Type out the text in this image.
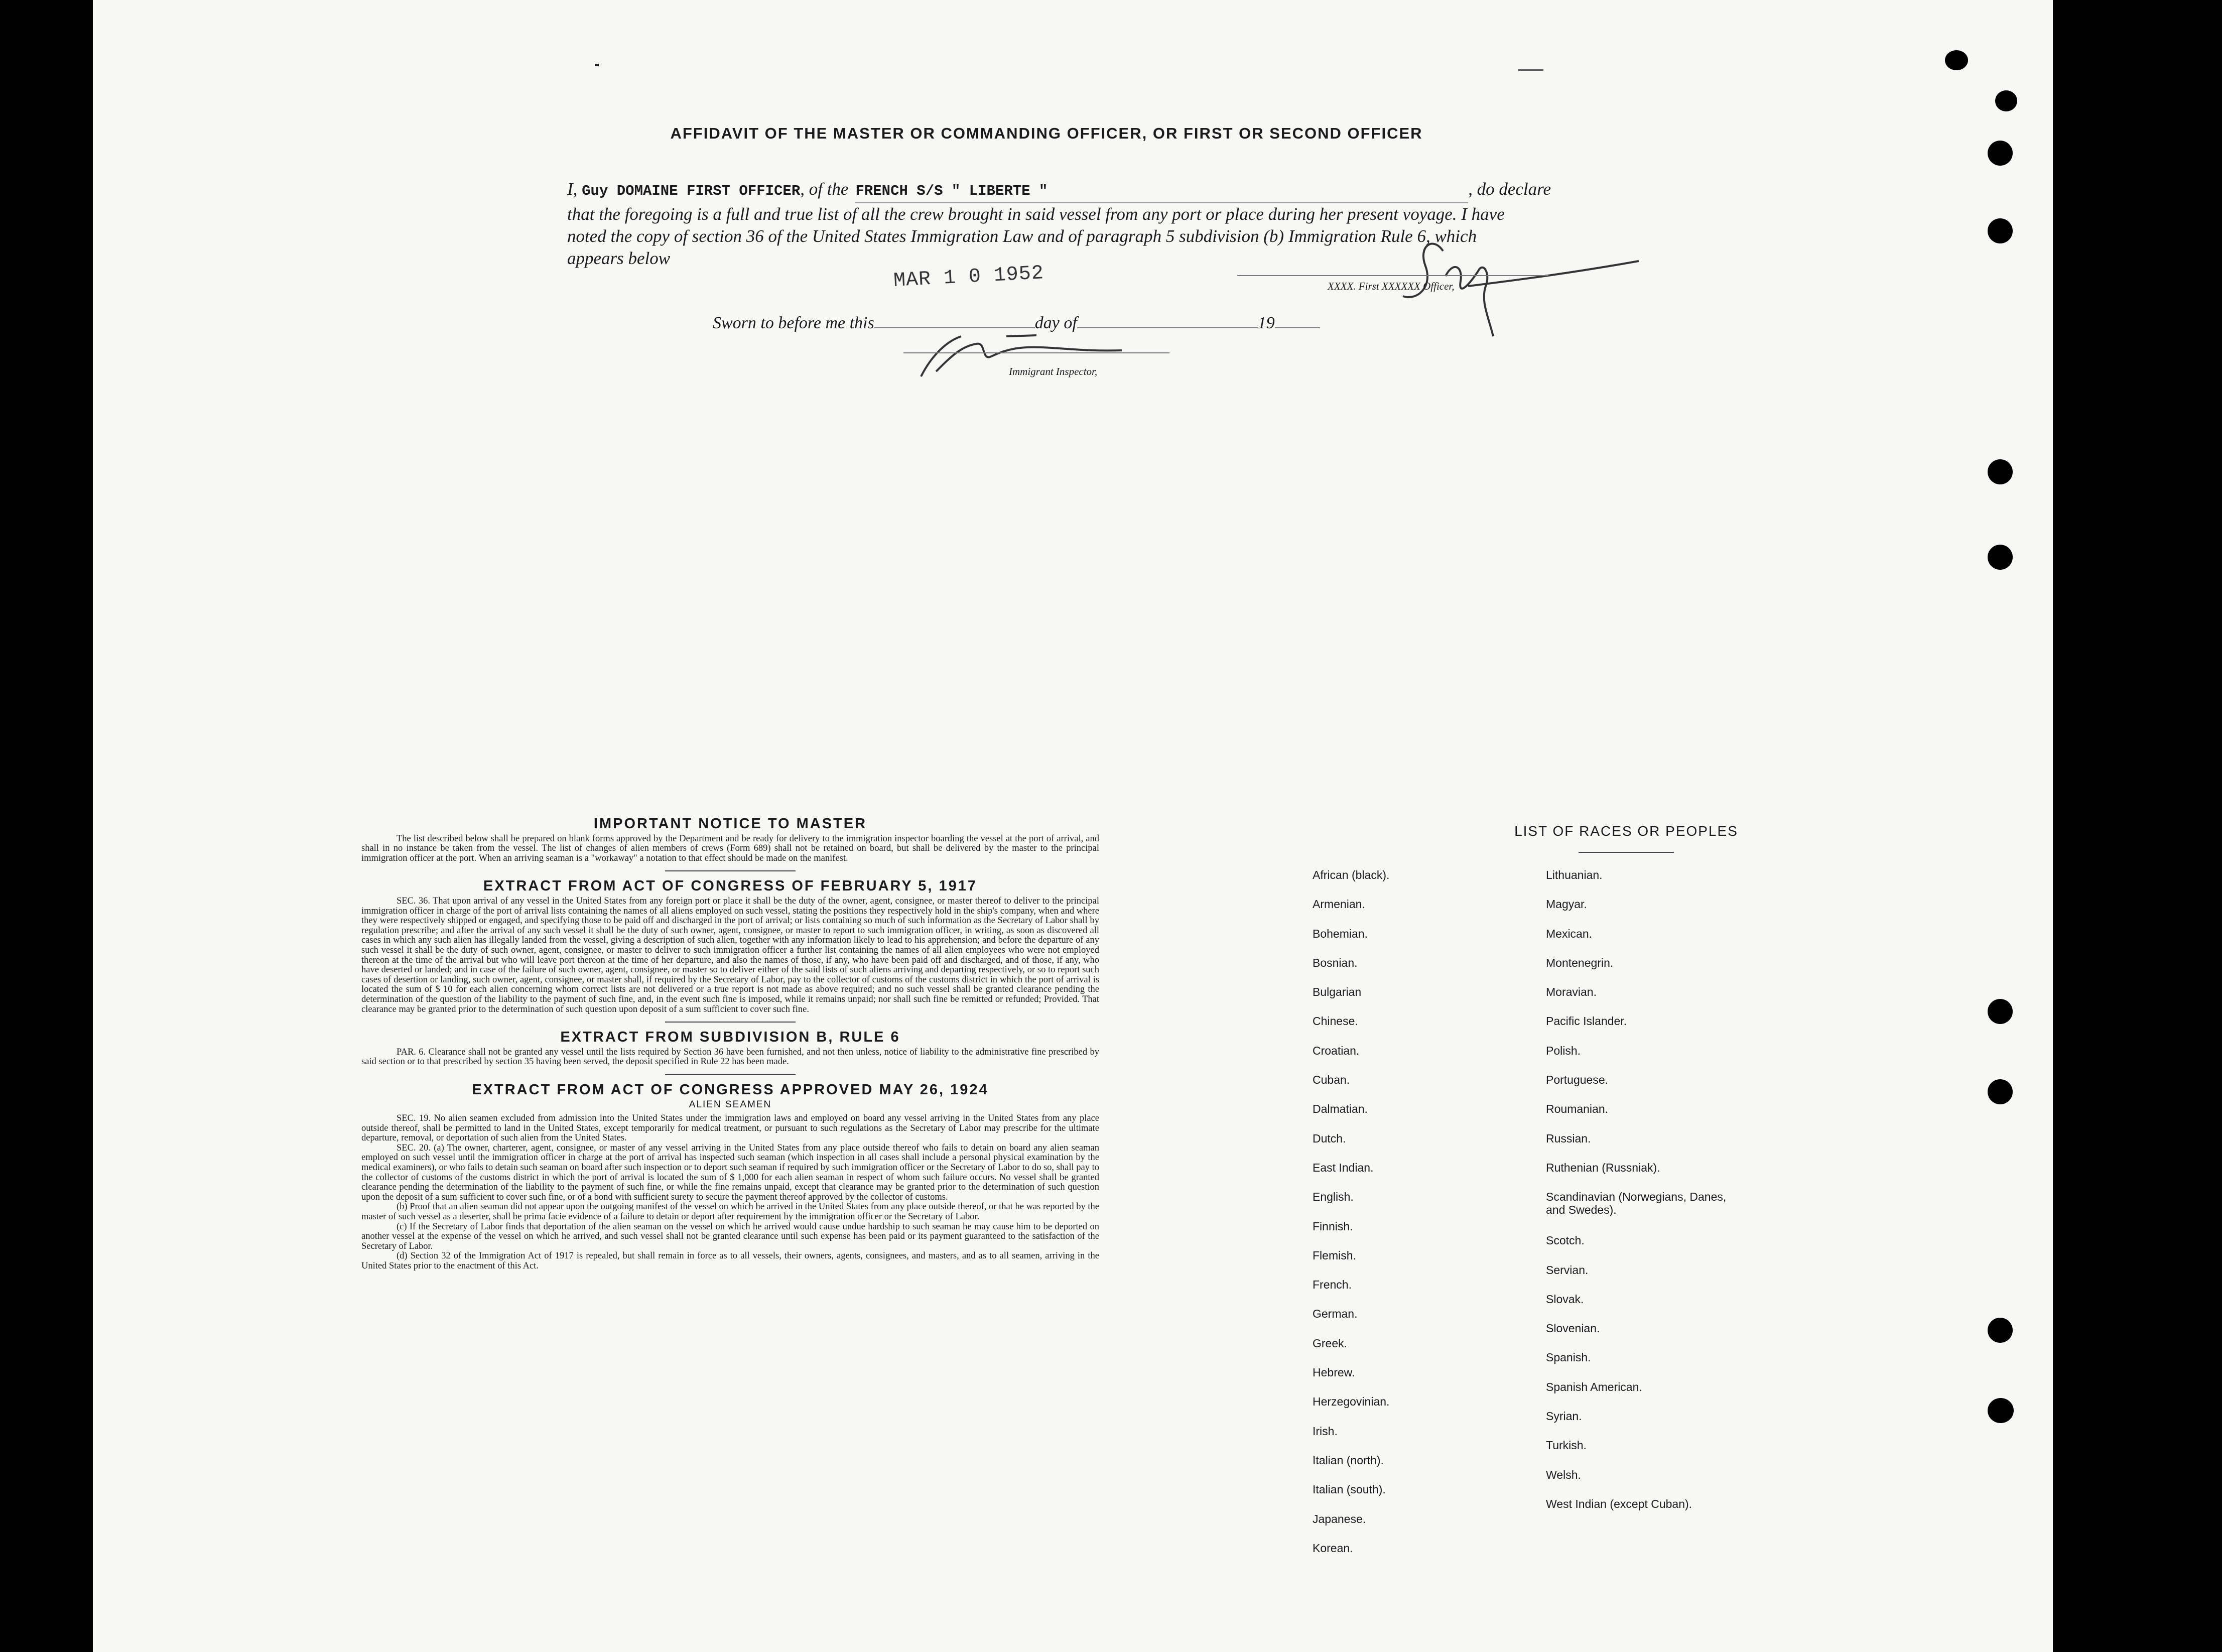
AFFIDAVIT OF THE MASTER OR COMMANDING OFFICER, OR FIRST OR SECOND OFFICER
I, Guy DOMAINE FIRST OFFICER , of the FRENCH S/S " LIBERTE "	, do declare
that the foregoing is a full and true list of all the crew brought in said vessel from any port or place during her present voyage. I have noted the copy of section 36 of the United States Immigration Law and of paragraph 5 subdivision (b) Immigration Rule 6, which appears below
MAR 1 0 1952	XXXX. First XXXXXX Officer,
Sworn to before me this	day of	19
Immigrant Inspector,
IMPORTANT NOTICE TO MASTER

The list described below shall be prepared on blank forms approved by the Department and be ready for delivery to the immigration inspector boarding the vessel at the port of arrival, and shall in no instance be taken from the vessel. The list of changes of alien members of crews (Form 689) shall not be retained on board, but shall be delivered by the master to the principal immigration officer at the port. When an arriving seaman is a "workaway" a notation to that effect should be made on the manifest.

EXTRACT FROM ACT OF CONGRESS OF FEBRUARY 5, 1917

SEC. 36. That upon arrival of any vessel in the United States from any foreign port or place it shall be the duty of the owner, agent, consignee, or master thereof to deliver to the principal immigration officer in charge of the port of arrival lists containing the names of all aliens employed on such vessel, stating the positions they respectively hold in the ship's company, when and where they were respectively shipped or engaged, and specifying those to be paid off and discharged in the port of arrival; or lists containing so much of such information as the Secretary of Labor shall by regulation prescribe; and after the arrival of any such vessel it shall be the duty of such owner, agent, consignee, or master to report to such immigration officer, in writing, as soon as discovered all cases in which any such alien has illegally landed from the vessel, giving a description of such alien, together with any information likely to lead to his apprehension; and before the departure of any such vessel it shall be the duty of such owner, agent, consignee, or master to deliver to such immigration officer a further list containing the names of all alien employees who were not employed thereon at the time of the arrival but who will leave port thereon at the time of her departure, and also the names of those, if any, who have been paid off and discharged, and of those, if any, who have deserted or landed; and in case of the failure of such owner, agent, consignee, or master so to deliver either of the said lists of such aliens arriving and departing respectively, or so to report such cases of desertion or landing, such owner, agent, consignee, or master shall, if required by the Secretary of Labor, pay to the collector of customs of the customs district in which the port of arrival is located the sum of $ 10 for each alien concerning whom correct lists are not delivered or a true report is not made as above required; and no such vessel shall be granted clearance pending the determination of the question of the liability to the payment of such fine, and, in the event such fine is imposed, while it remains unpaid; nor shall such fine be remitted or refunded; Provided. That clearance may be granted prior to the determination of such question upon deposit of a sum sufficient to cover such fine.

EXTRACT FROM SUBDIVISION B, RULE 6

PAR. 6. Clearance shall not be granted any vessel until the lists required by Section 36 have been furnished, and not then unless, notice of liability to the administrative fine prescribed by said section or to that prescribed by section 35 having been served, the deposit specified in Rule 22 has been made.

EXTRACT FROM ACT OF CONGRESS APPROVED MAY 26, 1924
ALIEN SEAMEN

SEC. 19. No alien seamen excluded from admission into the United States under the immigration laws and employed on board any vessel arriving in the United States from any place outside thereof, shall be permitted to land in the United States, except temporarily for medical treatment, or pursuant to such regulations as the Secretary of Labor may prescribe for the ultimate departure, removal, or deportation of such alien from the United States.

SEC. 20. (a) The owner, charterer, agent, consignee, or master of any vessel arriving in the United States from any place outside thereof who fails to detain on board any alien seaman employed on such vessel until the immigration officer in charge at the port of arrival has inspected such seaman (which inspection in all cases shall include a personal physical examination by the medical examiners), or who fails to detain such seaman on board after such inspection or to deport such seaman if required by such immigration officer or the Secretary of Labor to do so, shall pay to the collector of customs of the customs district in which the port of arrival is located the sum of $ 1,000 for each alien seaman in respect of whom such failure occurs. No vessel shall be granted clearance pending the determination of the liability to the payment of such fine, or while the fine remains unpaid, except that clearance may be granted prior to the determination of such question upon the deposit of a sum sufficient to cover such fine, or of a bond with sufficient surety to secure the payment thereof approved by the collector of customs.

(b) Proof that an alien seaman did not appear upon the outgoing manifest of the vessel on which he arrived in the United States from any place outside thereof, or that he was reported by the master of such vessel as a deserter, shall be prima facie evidence of a failure to detain or deport after requirement by the immigration officer or the Secretary of Labor.

(c) If the Secretary of Labor finds that deportation of the alien seaman on the vessel on which he arrived would cause undue hardship to such seaman he may cause him to be deported on another vessel at the expense of the vessel on which he arrived, and such vessel shall not be granted clearance until such expense has been paid or its payment guaranteed to the satisfaction of the Secretary of Labor.

(d) Section 32 of the Immigration Act of 1917 is repealed, but shall remain in force as to all vessels, their owners, agents, consignees, and masters, and as to all seamen, arriving in the United States prior to the enactment of this Act.

LIST OF RACES OR PEOPLES
African (black).
Armenian.
Bohemian.
Bosnian.
Bulgarian
Chinese.
Croatian.
Cuban.
Dalmatian.
Dutch.
East Indian.
English.
Finnish.
Flemish.
French.
German.
Greek.
Hebrew.
Herzegovinian.
Irish.
Italian (north).
Italian (south).
Japanese.
Korean.
Lithuanian.
Magyar.
Mexican.
Montenegrin.
Moravian.
Pacific Islander.
Polish.
Portuguese.
Roumanian.
Russian.
Ruthenian (Russniak).
Scandinavian (Norwegians, Danes, and Swedes).
Scotch.
Servian.
Slovak.
Slovenian.
Spanish.
Spanish American.
Syrian.
Turkish.
Welsh.
West Indian (except Cuban).
